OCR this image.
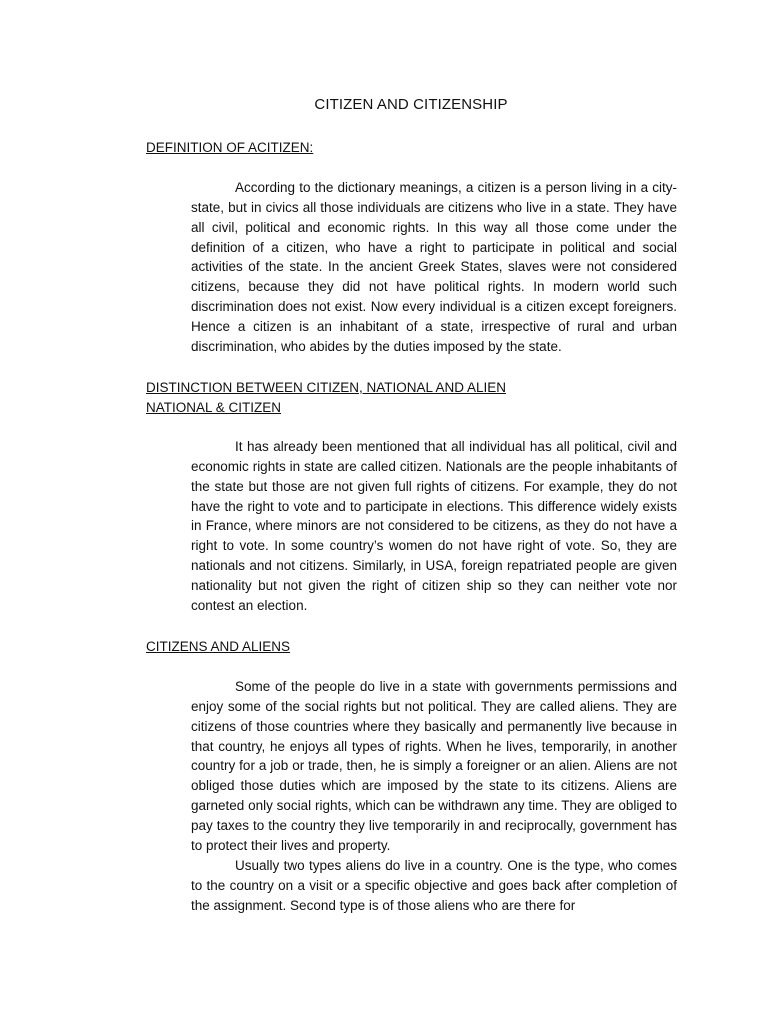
CITIZEN AND CITIZENSHIP
DEFINITION OF ACITIZEN:

According to the dictionary meanings, a citizen is a person living in a city-state, but in civics all those individuals are citizens who live in a state. They have all civil, political and economic rights. In this way all those come under the definition of a citizen, who have a right to participate in political and social activities of the state. In the ancient Greek States, slaves were not considered citizens, because they did not have political rights. In modern world such discrimination does not exist. Now every individual is a citizen except foreigners. Hence a citizen is an inhabitant of a state, irrespective of rural and urban discrimination, who abides by the duties imposed by the state.

DISTINCTION BETWEEN CITIZEN, NATIONAL AND ALIEN NATIONAL & CITIZEN

It has already been mentioned that all individual has all political, civil and economic rights in state are called citizen. Nationals are the people inhabitants of the state but those are not given full rights of citizens. For example, they do not have the right to vote and to participate in elections. This difference widely exists in France, where minors are not considered to be citizens, as they do not have a right to vote. In some country’s women do not have right of vote. So, they are nationals and not citizens. Similarly, in USA, foreign repatriated people are given nationality but not given the right of citizen ship so they can neither vote nor contest an election.

CITIZENS AND ALIENS

Some of the people do live in a state with governments permissions and enjoy some of the social rights but not political. They are called aliens. They are citizens of those countries where they basically and permanently live because in that country, he enjoys all types of rights. When he lives, temporarily, in another country for a job or trade, then, he is simply a foreigner or an alien. Aliens are not obliged those duties which are imposed by the state to its citizens. Aliens are garneted only social rights, which can be withdrawn any time. They are obliged to pay taxes to the country they live temporarily in and reciprocally, government has to protect their lives and property.

Usually two types aliens do live in a country. One is the type, who comes to the country on a visit or a specific objective and goes back after completion of the assignment. Second type is of those aliens who are there for
